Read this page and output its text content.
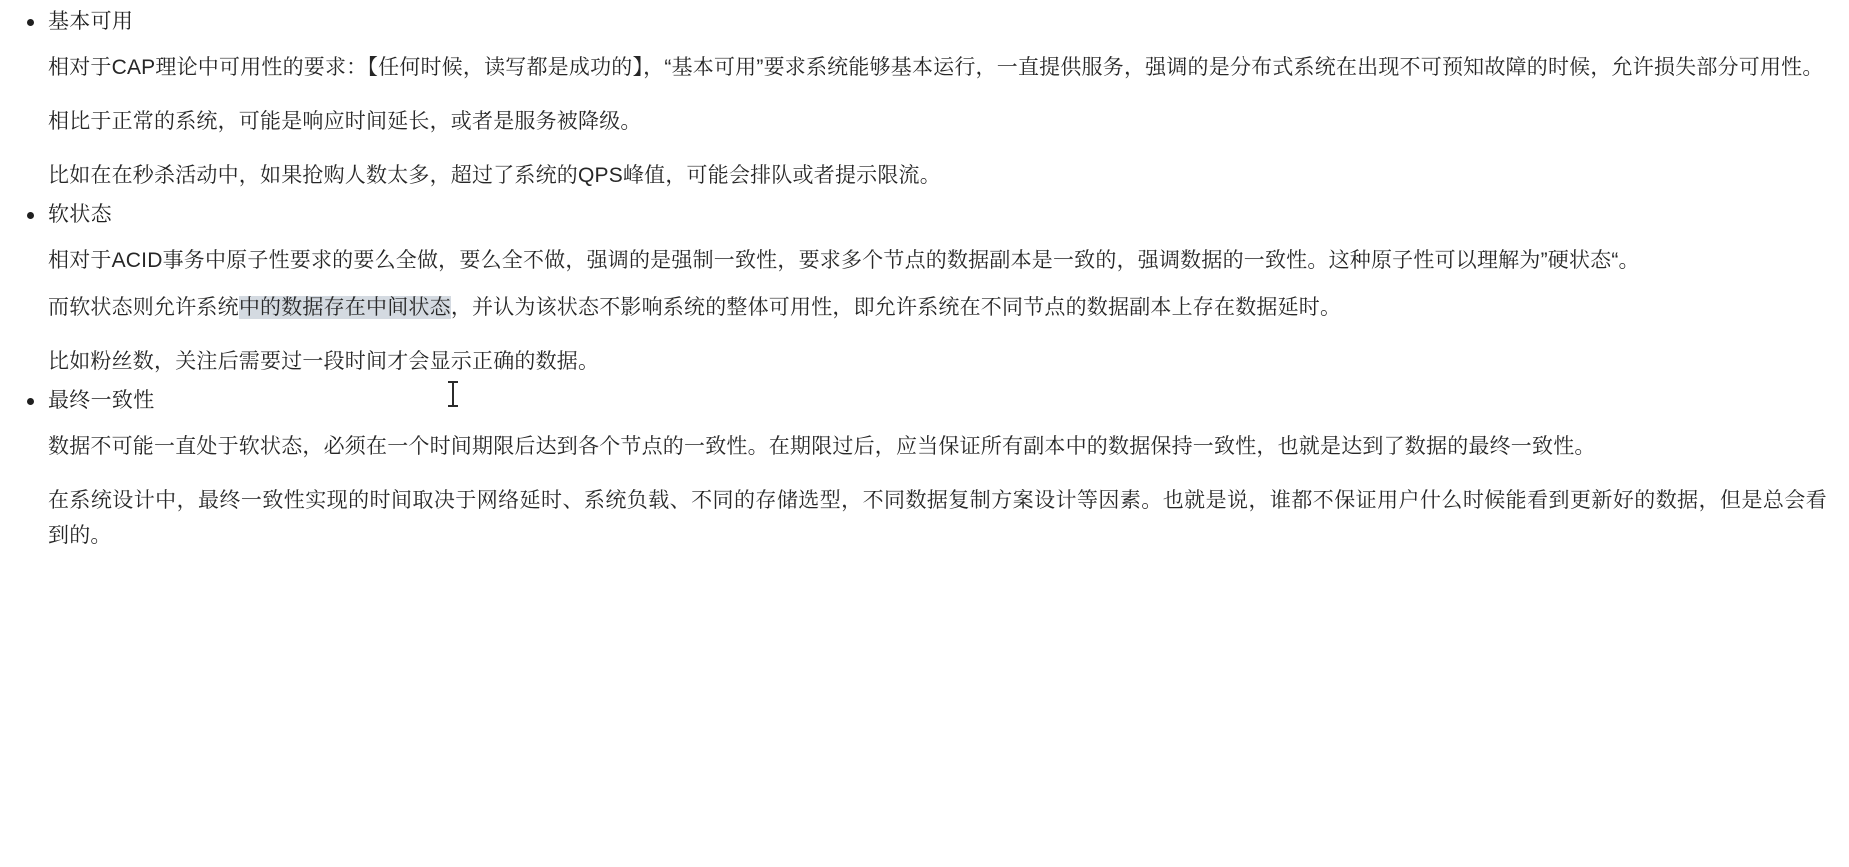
基本可用

相对于CAP理论中可用性的要求：【任何时候，读写都是成功的】，“基本可用”要求系统能够基本运行，一直提供服务，强调的是分布式系统在出现不可预知故障的时候，允许损失部分可用性。

相比于正常的系统，可能是响应时间延长，或者是服务被降级。

比如在在秒杀活动中，如果抢购人数太多，超过了系统的QPS峰值，可能会排队或者提示限流。

软状态

相对于ACID事务中原子性要求的要么全做，要么全不做，强调的是强制一致性，要求多个节点的数据副本是一致的，强调数据的一致性。这种原子性可以理解为”硬状态“。

而软状态则允许系统中的数据存在中间状态，并认为该状态不影响系统的整体可用性，即允许系统在不同节点的数据副本上存在数据延时。

比如粉丝数，关注后需要过一段时间才会显示正确的数据。

最终一致性

数据不可能一直处于软状态，必须在一个时间期限后达到各个节点的一致性。在期限过后，应当保证所有副本中的数据保持一致性，也就是达到了数据的最终一致性。

在系统设计中，最终一致性实现的时间取决于网络延时、系统负载、不同的存储选型，不同数据复制方案设计等因素。也就是说，谁都不保证用户什么时候能看到更新好的数据，但是总会看到的。
